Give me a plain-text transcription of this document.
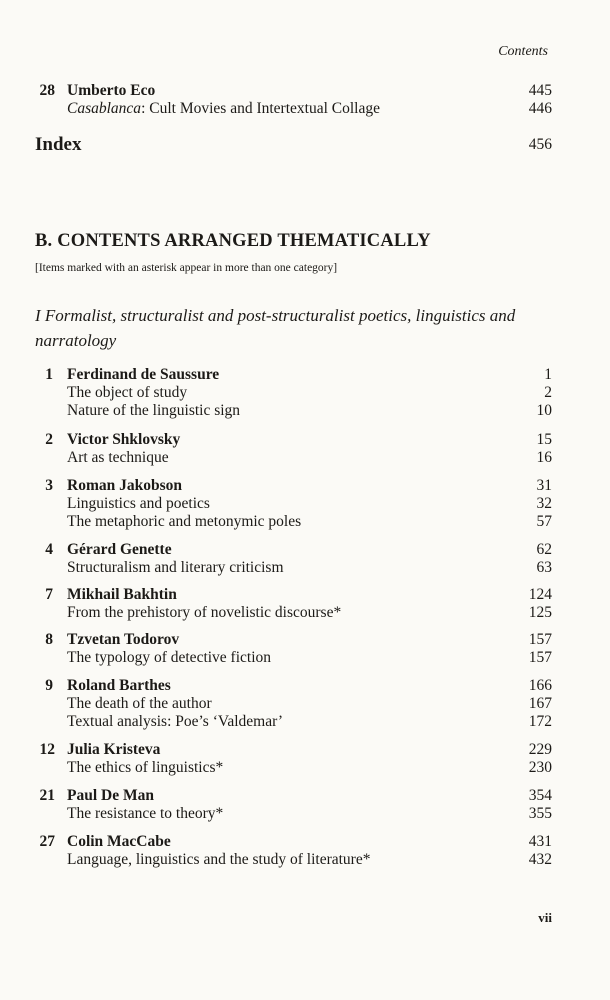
Contents
28 Umberto Eco	445
Casablanca: Cult Movies and Intertextual Collage	446
Index	456
B. CONTENTS ARRANGED THEMATICALLY
[Items marked with an asterisk appear in more than one category]
I Formalist, structuralist and post-structuralist poetics, linguistics and narratology
1 Ferdinand de Saussure	1
The object of study	2
Nature of the linguistic sign	10
2 Victor Shklovsky	15
Art as technique	16
3 Roman Jakobson	31
Linguistics and poetics	32
The metaphoric and metonymic poles	57
4 Gérard Genette	62
Structuralism and literary criticism	63
7 Mikhail Bakhtin	124
From the prehistory of novelistic discourse*	125
8 Tzvetan Todorov	157
The typology of detective fiction	157
9 Roland Barthes	166
The death of the author	167
Textual analysis: Poe’s ‘Valdemar’	172
12 Julia Kristeva	229
The ethics of linguistics*	230
21 Paul De Man	354
The resistance to theory*	355
27 Colin MacCabe	431
Language, linguistics and the study of literature*	432
vii
